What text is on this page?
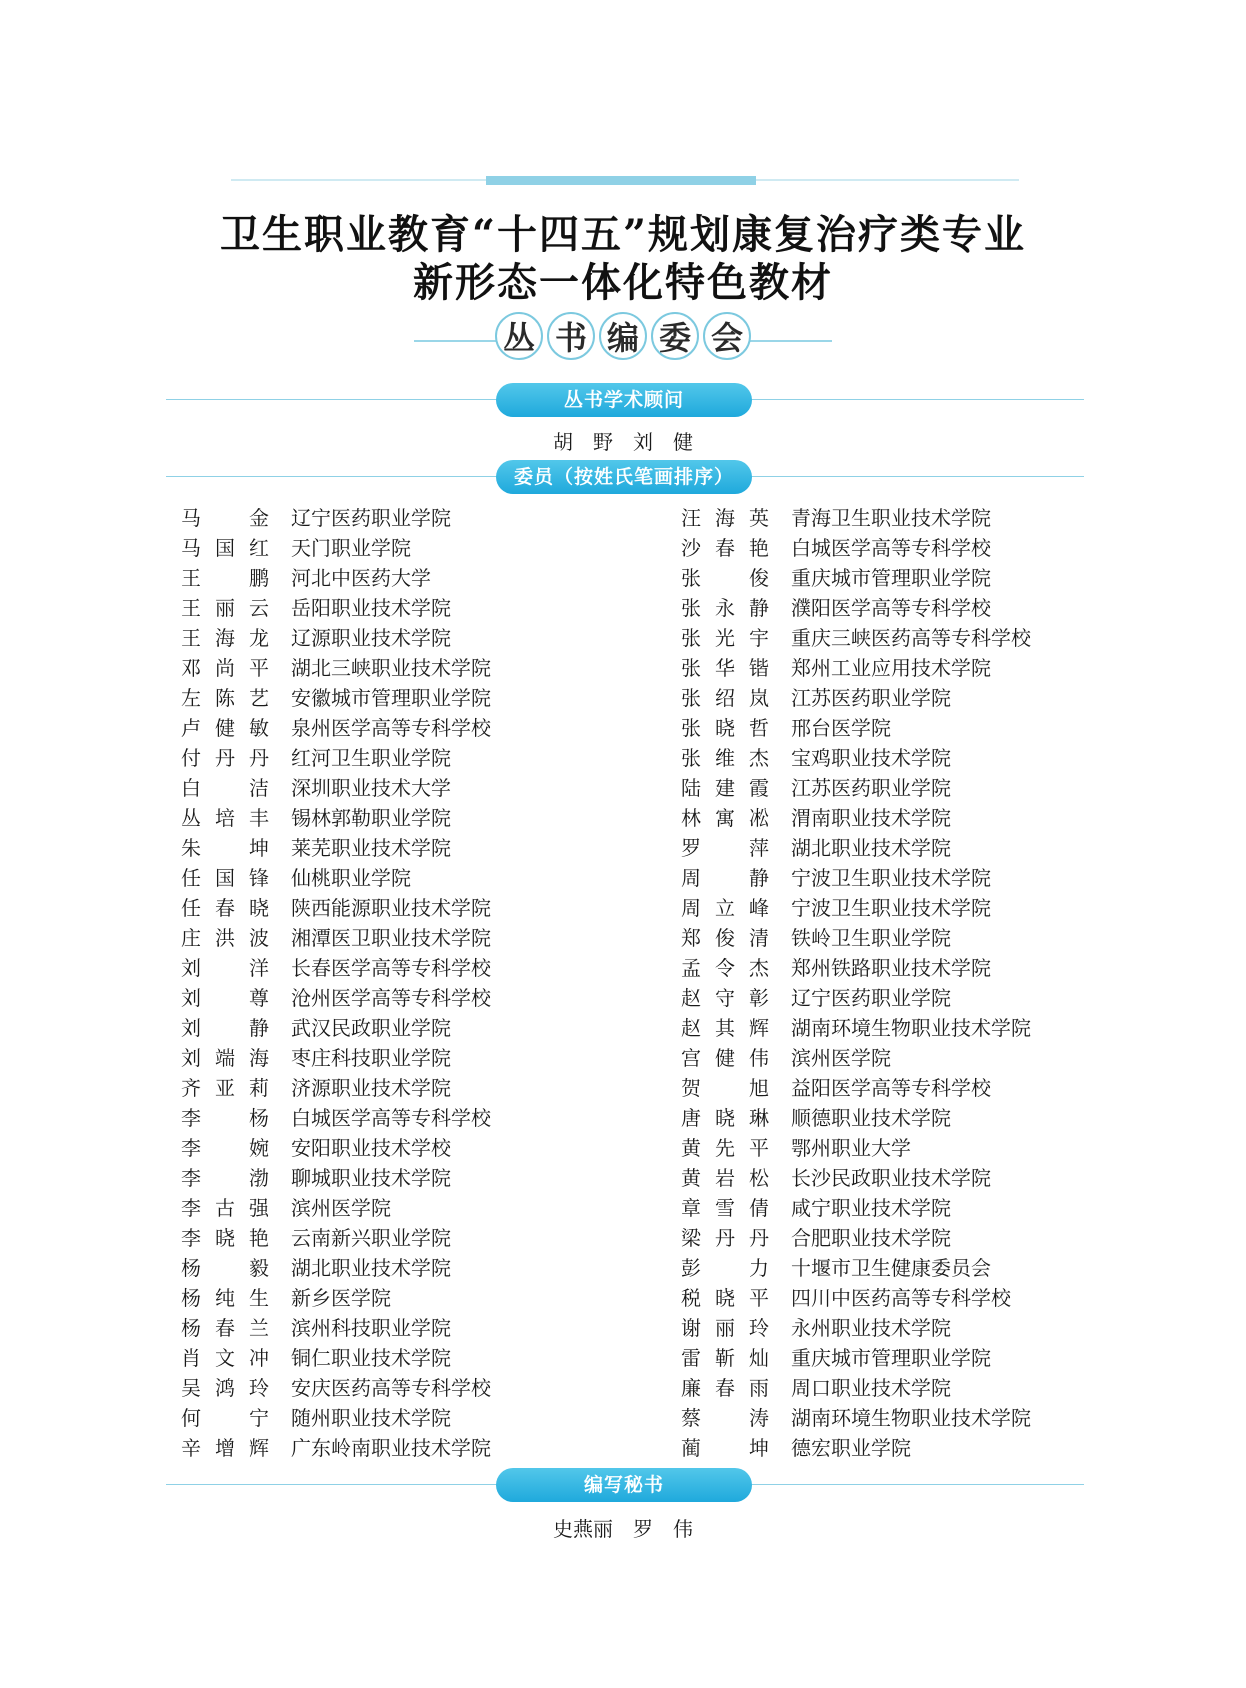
卫生职业教育“十四五”规划康复治疗类专业
新形态一体化特色教材
丛 书 编 委 会
丛书学术顾问
胡　野　刘　健
委员（按姓氏笔画排序）
马金 辽宁医药职业学院
马国红 天门职业学院
王鹏 河北中医药大学
王丽云 岳阳职业技术学院
王海龙 辽源职业技术学院
邓尚平 湖北三峡职业技术学院
左陈艺 安徽城市管理职业学院
卢健敏 泉州医学高等专科学校
付丹丹 红河卫生职业学院
白洁 深圳职业技术大学
丛培丰 锡林郭勒职业学院
朱坤 莱芜职业技术学院
任国锋 仙桃职业学院
任春晓 陕西能源职业技术学院
庄洪波 湘潭医卫职业技术学院
刘洋 长春医学高等专科学校
刘尊 沧州医学高等专科学校
刘静 武汉民政职业学院
刘端海 枣庄科技职业学院
齐亚莉 济源职业技术学院
李杨 白城医学高等专科学校
李婉 安阳职业技术学校
李渤 聊城职业技术学院
李古强 滨州医学院
李晓艳 云南新兴职业学院
杨毅 湖北职业技术学院
杨纯生 新乡医学院
杨春兰 滨州科技职业学院
肖文冲 铜仁职业技术学院
吴鸿玲 安庆医药高等专科学校
何宁 随州职业技术学院
辛增辉 广东岭南职业技术学院
汪海英 青海卫生职业技术学院
沙春艳 白城医学高等专科学校
张俊 重庆城市管理职业学院
张永静 濮阳医学高等专科学校
张光宇 重庆三峡医药高等专科学校
张华锴 郑州工业应用技术学院
张绍岚 江苏医药职业学院
张晓哲 邢台医学院
张维杰 宝鸡职业技术学院
陆建霞 江苏医药职业学院
林寓凇 渭南职业技术学院
罗萍 湖北职业技术学院
周静 宁波卫生职业技术学院
周立峰 宁波卫生职业技术学院
郑俊清 铁岭卫生职业学院
孟令杰 郑州铁路职业技术学院
赵守彰 辽宁医药职业学院
赵其辉 湖南环境生物职业技术学院
宫健伟 滨州医学院
贺旭 益阳医学高等专科学校
唐晓琳 顺德职业技术学院
黄先平 鄂州职业大学
黄岩松 长沙民政职业技术学院
章雪倩 咸宁职业技术学院
梁丹丹 合肥职业技术学院
彭力 十堰市卫生健康委员会
税晓平 四川中医药高等专科学校
谢丽玲 永州职业技术学院
雷靳灿 重庆城市管理职业学院
廉春雨 周口职业技术学院
蔡涛 湖南环境生物职业技术学院
蔺坤 德宏职业学院
编写秘书
史燕丽　罗　伟
